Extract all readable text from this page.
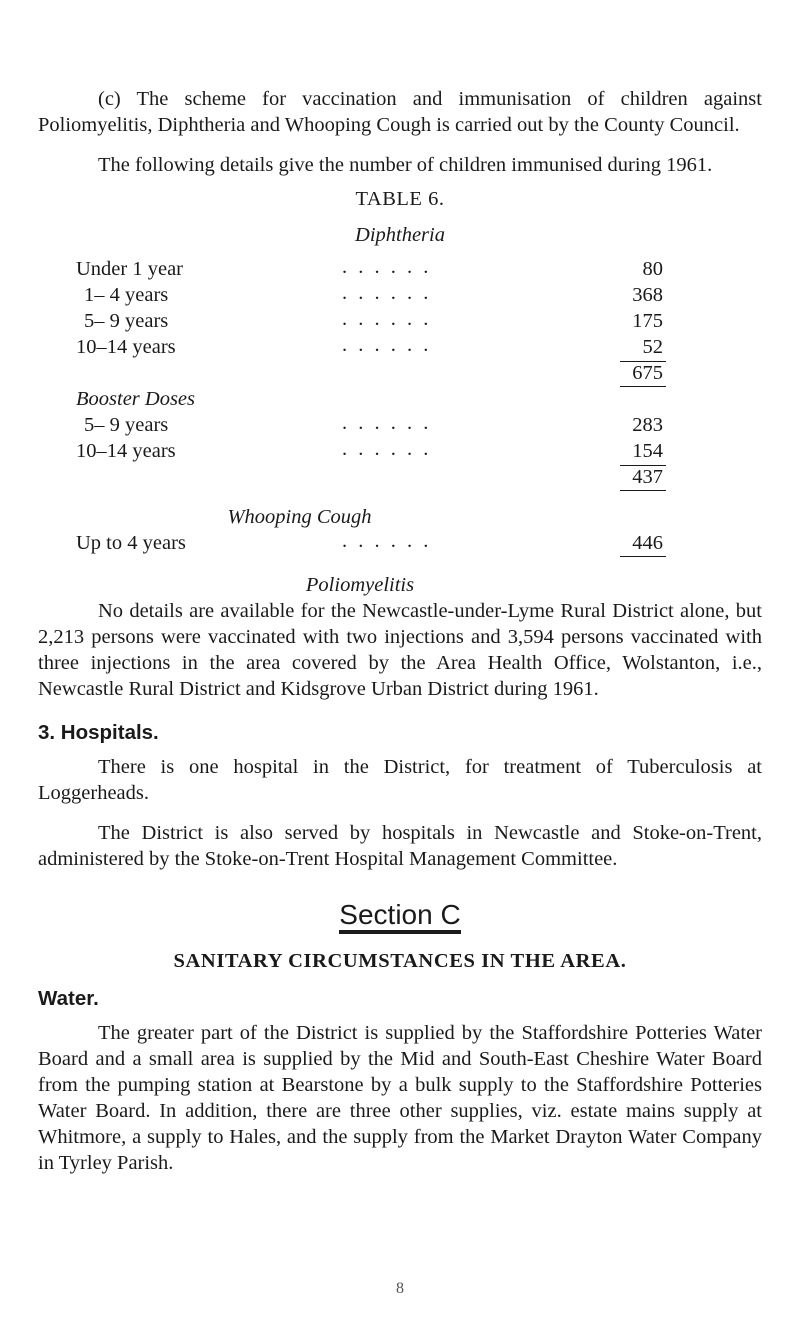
(c) The scheme for vaccination and immunisation of children against Poliomyelitis, Diphtheria and Whooping Cough is carried out by the County Council.

The following details give the number of children immunised during 1961.

TABLE 6.

Diphtheria

Under 1 year	. . . . . .	80
1– 4 years	. . . . . .	368
5– 9 years	. . . . . .	175
10–14 years	. . . . . .	52
675
Booster Doses
5– 9 years	. . . . . .	283
10–14 years	. . . . . .	154
437
Whooping Cough
Up to 4 years	. . . . . .	446

Poliomyelitis

No details are available for the Newcastle-under-Lyme Rural District alone, but 2,213 persons were vaccinated with two injections and 3,594 persons vaccinated with three injections in the area covered by the Area Health Office, Wolstanton, i.e., Newcastle Rural District and Kidsgrove Urban District during 1961.

3. Hospitals.

There is one hospital in the District, for treatment of Tuberculosis at Loggerheads.

The District is also served by hospitals in Newcastle and Stoke-on-Trent, administered by the Stoke-on-Trent Hospital Management Committee.

Section C

SANITARY CIRCUMSTANCES IN THE AREA.

Water.

The greater part of the District is supplied by the Staffordshire Potteries Water Board and a small area is supplied by the Mid and South-East Cheshire Water Board from the pumping station at Bearstone by a bulk supply to the Staffordshire Potteries Water Board. In addition, there are three other supplies, viz. estate mains supply at Whitmore, a supply to Hales, and the supply from the Market Drayton Water Company in Tyrley Parish.

8
